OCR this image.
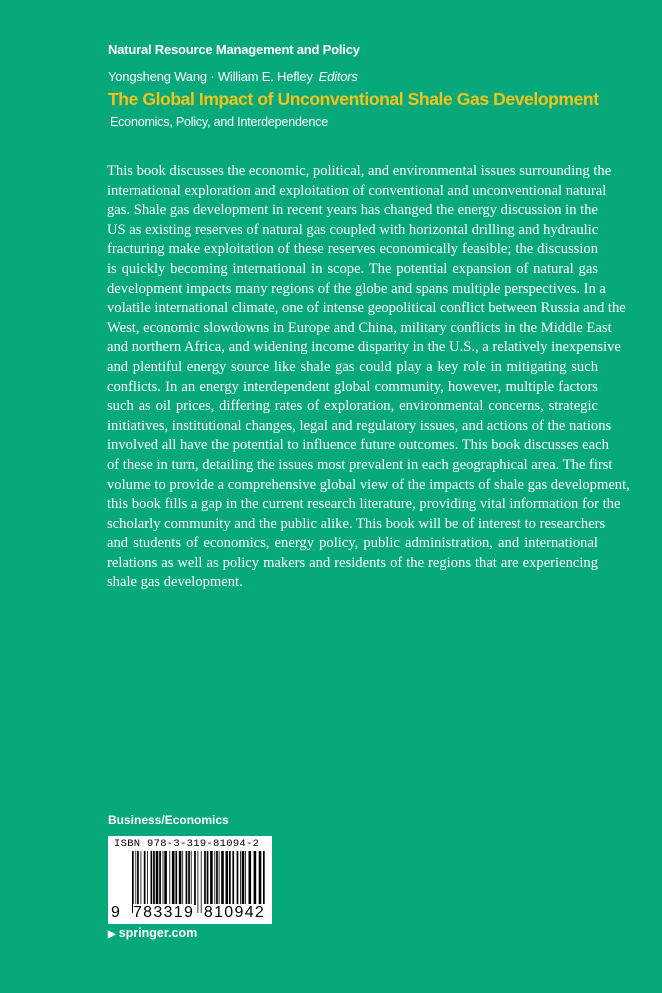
Natural Resource Management and Policy
Yongsheng Wang · William E. Hefley Editors
The Global Impact of Unconventional Shale Gas Development
Economics, Policy, and Interdependence
This book discusses the economic, political, and environmental issues surrounding the
international exploration and exploitation of conventional and unconventional natural
gas. Shale gas development in recent years has changed the energy discussion in the
US as existing reserves of natural gas coupled with horizontal drilling and hydraulic
fracturing make exploitation of these reserves economically feasible; the discussion
is quickly becoming international in scope. The potential expansion of natural gas
development impacts many regions of the globe and spans multiple perspectives. In a
volatile international climate, one of intense geopolitical conflict between Russia and the
West, economic slowdowns in Europe and China, military conflicts in the Middle East
and northern Africa, and widening income disparity in the U.S., a relatively inexpensive
and plentiful energy source like shale gas could play a key role in mitigating such
conflicts. In an energy interdependent global community, however, multiple factors
such as oil prices, differing rates of exploration, environmental concerns, strategic
initiatives, institutional changes, legal and regulatory issues, and actions of the nations
involved all have the potential to influence future outcomes. This book discusses each
of these in turn, detailing the issues most prevalent in each geographical area. The first
volume to provide a comprehensive global view of the impacts of shale gas development,
this book fills a gap in the current research literature, providing vital information for the
scholarly community and the public alike. This book will be of interest to researchers
and students of economics, energy policy, public administration, and international
relations as well as policy makers and residents of the regions that are experiencing
shale gas development.
Business/Economics
ISBN 978-3-319-81094-2
9 783319 810942
▶ springer.com
